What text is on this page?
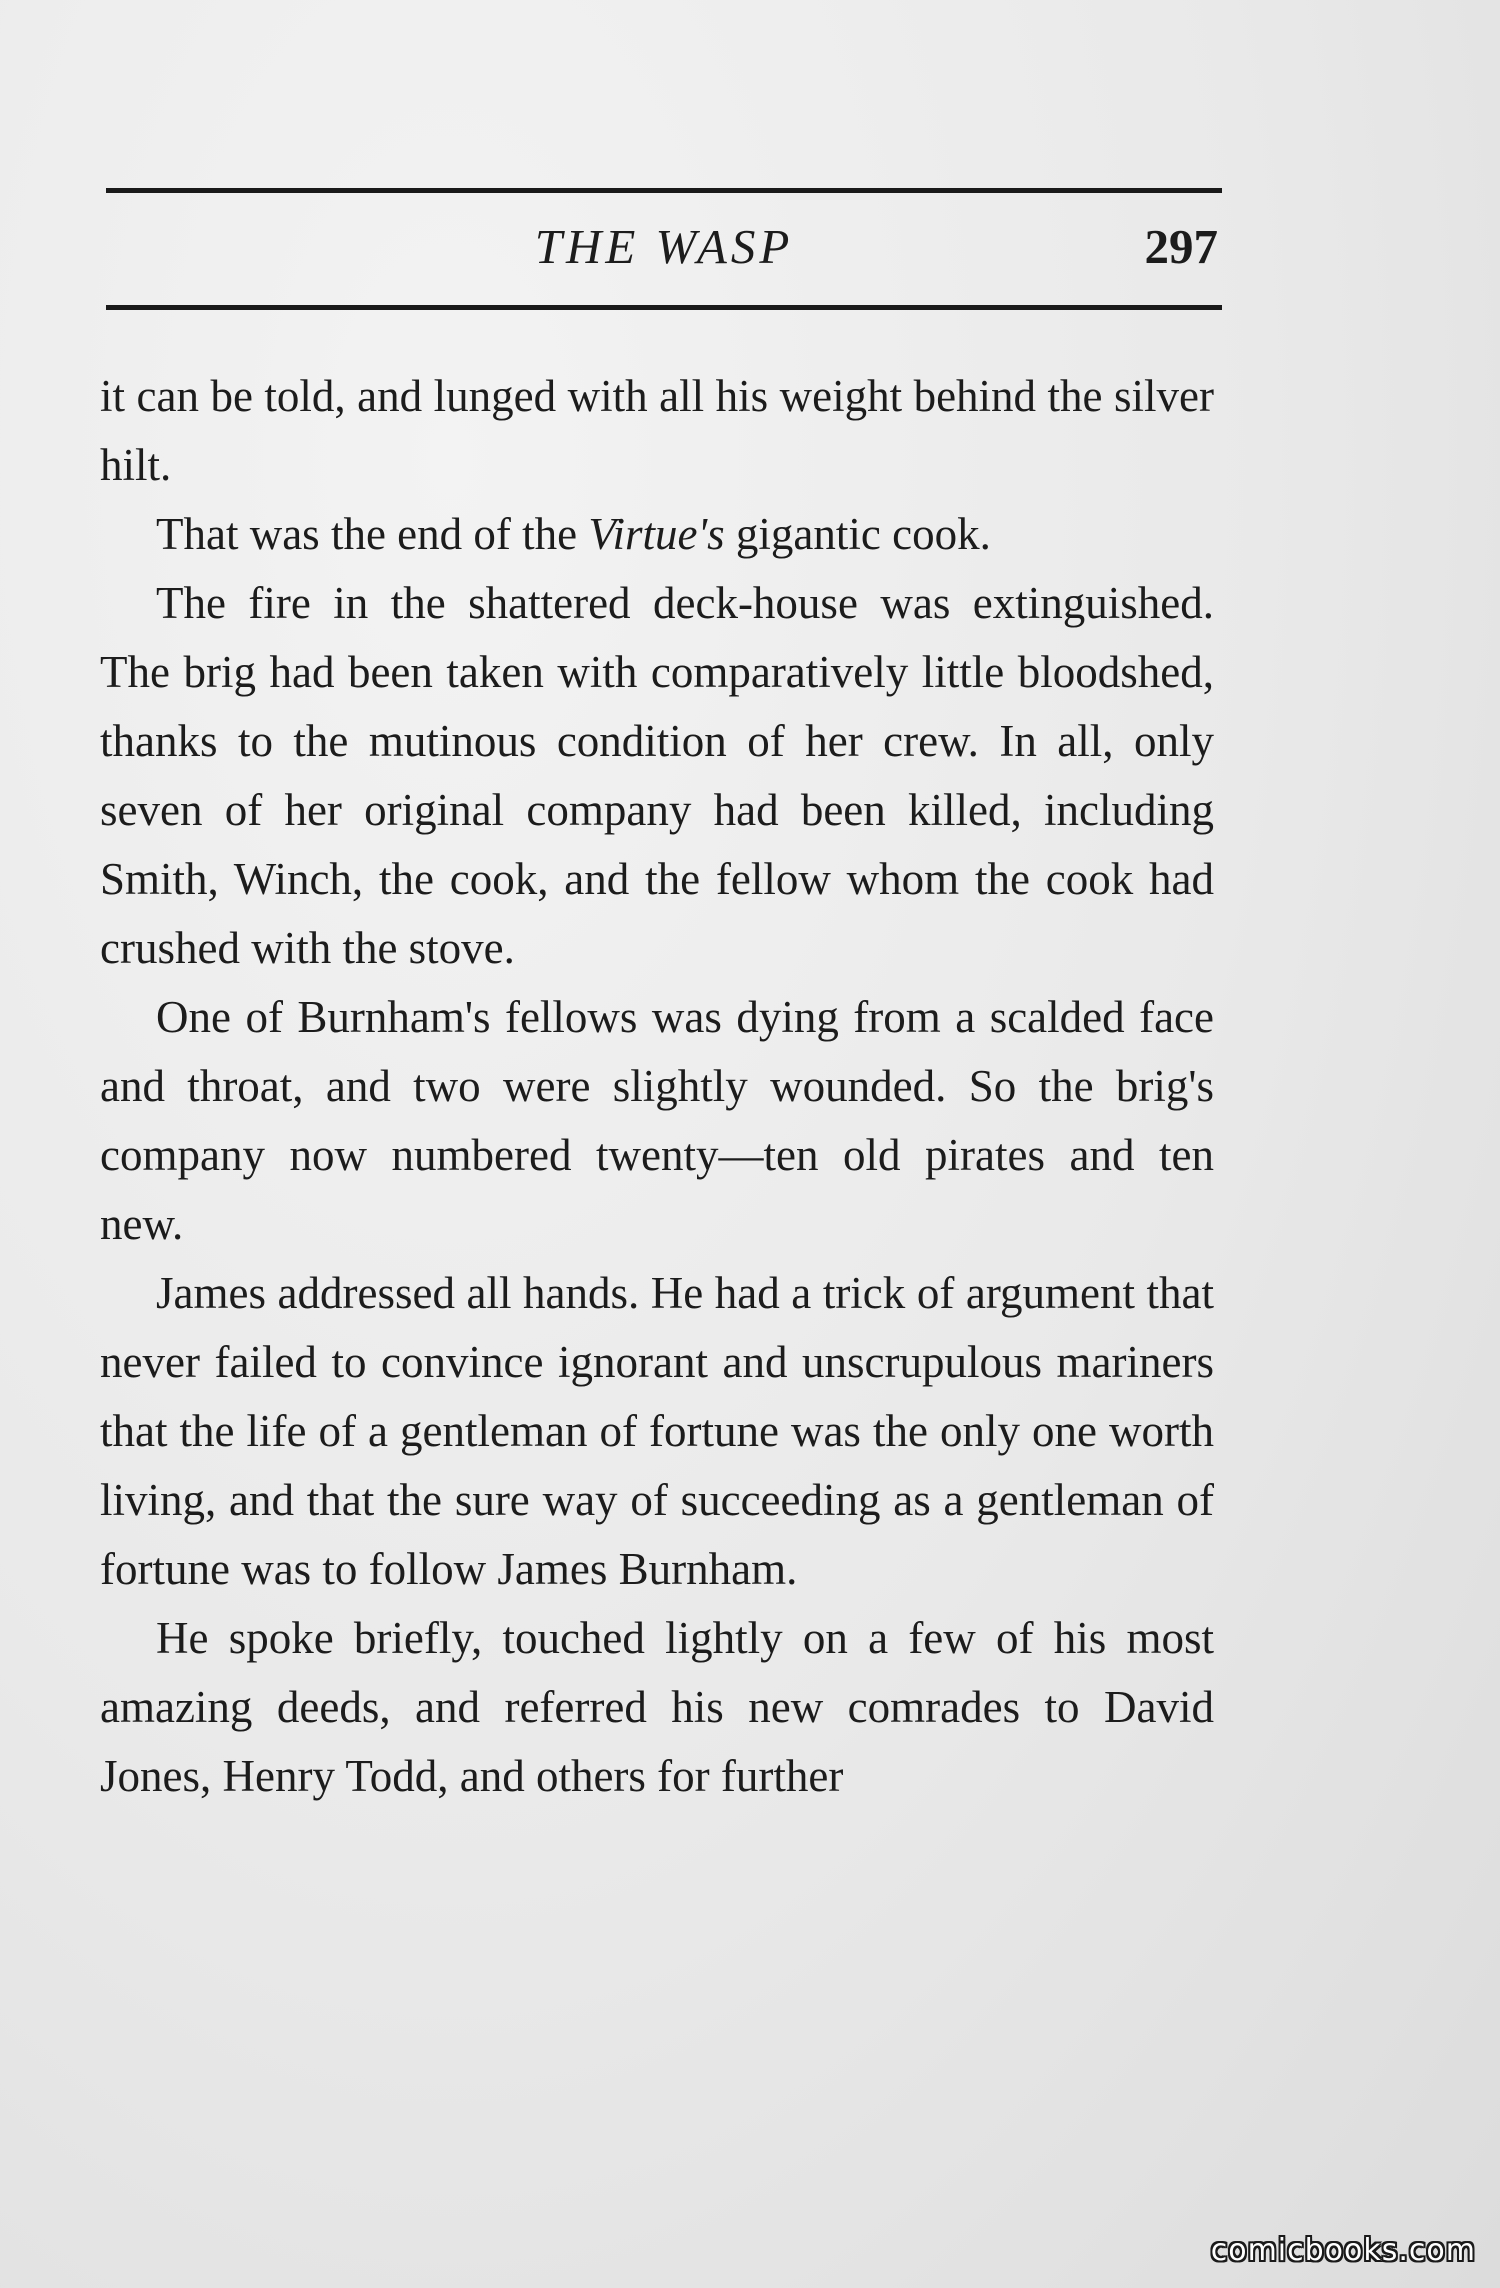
THE WASP	297

it can be told, and lunged with all his weight behind the silver hilt.

That was the end of the Virtue's gigantic cook.

The fire in the shattered deck-house was extinguished. The brig had been taken with comparatively little bloodshed, thanks to the mutinous condition of her crew. In all, only seven of her original company had been killed, including Smith, Winch, the cook, and the fellow whom the cook had crushed with the stove.

One of Burnham's fellows was dying from a scalded face and throat, and two were slightly wounded. So the brig's company now numbered twenty—ten old pirates and ten new.

James addressed all hands. He had a trick of argument that never failed to convince ignorant and unscrupulous mariners that the life of a gentleman of fortune was the only one worth living, and that the sure way of succeeding as a gentleman of fortune was to follow James Burnham.

He spoke briefly, touched lightly on a few of his most amazing deeds, and referred his new comrades to David Jones, Henry Todd, and others for further

comicbooks.com
